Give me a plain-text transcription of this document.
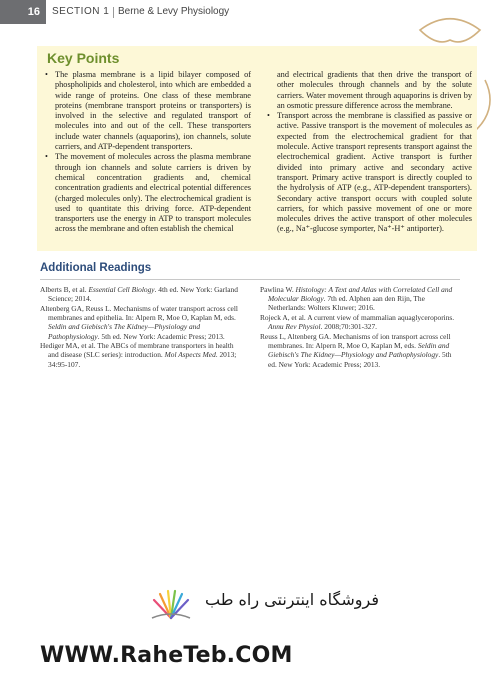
16	SECTION 1 Berne & Levy Physiology
Key Points
• The plasma membrane is a lipid bilayer composed of phospholipids and cholesterol, into which are embedded a wide range of proteins. One class of these membrane proteins (membrane transport proteins or transporters) is involved in the selective and regulated transport of molecules into and out of the cell. These transporters include water channels (aquaporins), ion channels, solute carriers, and ATP-dependent transporters.
• The movement of molecules across the plasma membrane through ion channels and solute carriers is driven by chemical concentration gradients and, chemical concentration gradients and electrical potential differences (charged molecules only). The electrochemical gradient is used to quantitate this driving force. ATP-dependent transporters use the energy in ATP to transport molecules across the membrane and often establish the chemical
and electrical gradients that then drive the transport of other molecules through channels and by the solute carriers. Water movement through aquaporins is driven by an osmotic pressure difference across the membrane.
• Transport across the membrane is classified as passive or active. Passive transport is the movement of molecules as expected from the electrochemical gradient for that molecule. Active transport represents transport against the electrochemical gradient. Active transport is further divided into primary active and secondary active transport. Primary active transport is directly coupled to the hydrolysis of ATP (e.g., ATP-dependent transporters). Secondary active transport occurs with coupled solute carriers, for which passive movement of one or more molecules drives the active transport of other molecules (e.g., Na⁺-glucose symporter, Na⁺-H⁺ antiporter).
Additional Readings
Alberts B, et al. Essential Cell Biology. 4th ed. New York: Garland Science; 2014.
Altenberg GA, Reuss L. Mechanisms of water transport across cell membranes and epithelia. In: Alpern R, Moe O, Kaplan M, eds. Seldin and Giebisch's The Kidney—Physiology and Pathophysiology. 5th ed. New York: Academic Press; 2013.
Hediger MA, et al. The ABCs of membrane transporters in health and disease (SLC series): introduction. Mol Aspects Med. 2013; 34:95-107.
Pawlina W. Histology: A Text and Atlas with Correlated Cell and Molecular Biology. 7th ed. Alphen aan den Rijn, The Netherlands: Wolters Kluwer; 2016.
Rojeck A, et al. A current view of mammalian aquaglyceroporins. Annu Rev Physiol. 2008;70:301-327.
Reuss L, Altenberg GA. Mechanisms of ion transport across cell membranes. In: Alpern R, Moe O, Kaplan M, eds. Seldin and Giebisch's The Kidney—Physiology and Pathophysiology. 5th ed. New York: Academic Press; 2013.
فروشگاه اینترنتی راه طب
WWW.RaheTeb.COM
